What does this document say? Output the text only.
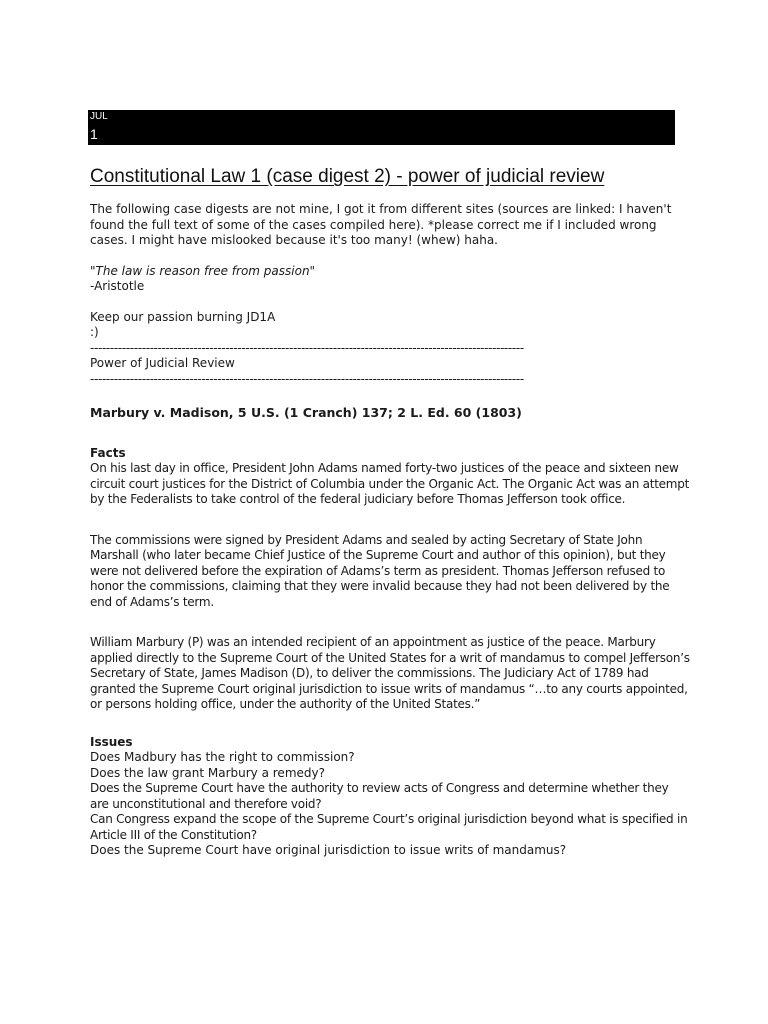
JUL
1
Constitutional Law 1 (case digest 2) - power of judicial review

The following case digests are not mine, I got it from different sites (sources are linked: I haven't found the full text of some of the cases compiled here). *please correct me if I included wrong cases. I might have mislooked because it's too many! (whew) haha.

"The law is reason free from passion"

-Aristotle

Keep our passion burning JD1A

:)

-------------------------------------------------------------------------------------------------------------

Power of Judicial Review

-------------------------------------------------------------------------------------------------------------

Marbury v. Madison, 5 U.S. (1 Cranch) 137; 2 L. Ed. 60 (1803)

Facts

On his last day in office, President John Adams named forty-two justices of the peace and sixteen new circuit court justices for the District of Columbia under the Organic Act. The Organic Act was an attempt by the Federalists to take control of the federal judiciary before Thomas Jefferson took office.

The commissions were signed by President Adams and sealed by acting Secretary of State John Marshall (who later became Chief Justice of the Supreme Court and author of this opinion), but they were not delivered before the expiration of Adams’s term as president. Thomas Jefferson refused to honor the commissions, claiming that they were invalid because they had not been delivered by the end of Adams’s term.

William Marbury (P) was an intended recipient of an appointment as justice of the peace. Marbury applied directly to the Supreme Court of the United States for a writ of mandamus to compel Jefferson’s Secretary of State, James Madison (D), to deliver the commissions. The Judiciary Act of 1789 had granted the Supreme Court original jurisdiction to issue writs of mandamus “…to any courts appointed, or persons holding office, under the authority of the United States.”

Issues

Does Madbury has the right to commission?

Does the law grant Marbury a remedy?

Does the Supreme Court have the authority to review acts of Congress and determine whether they are unconstitutional and therefore void?

Can Congress expand the scope of the Supreme Court’s original jurisdiction beyond what is specified in Article III of the Constitution?

Does the Supreme Court have original jurisdiction to issue writs of mandamus?
